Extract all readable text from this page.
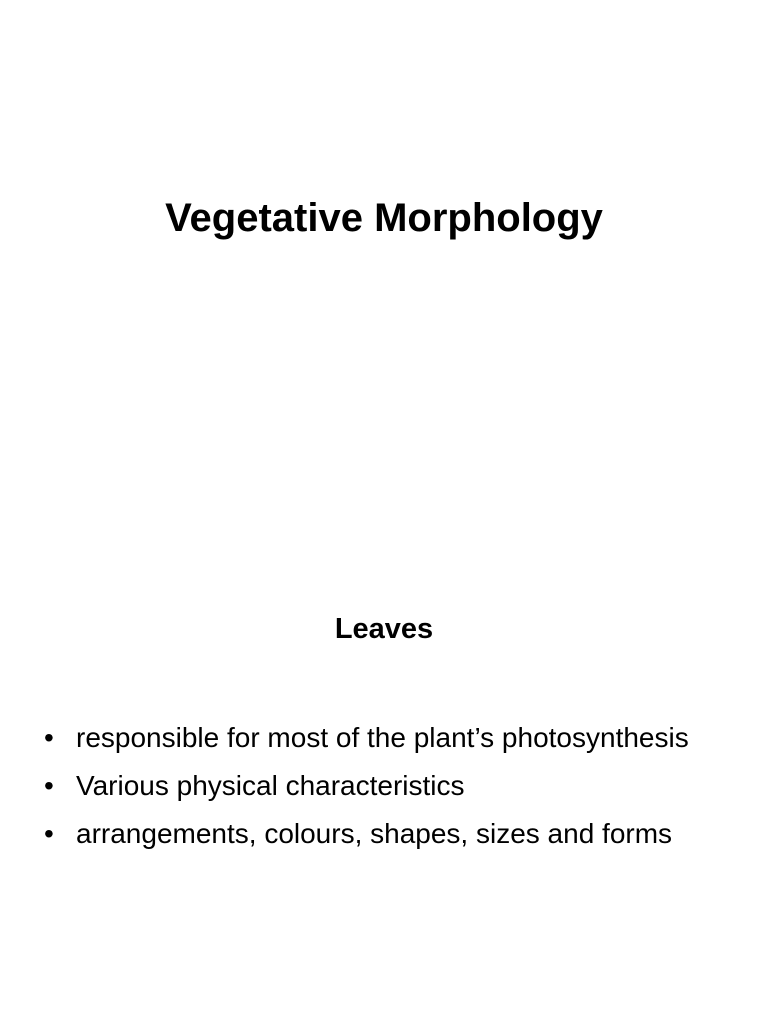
Vegetative Morphology
Leaves
• responsible for most of the plant’s photosynthesis
• Various physical characteristics
• arrangements, colours, shapes, sizes and forms
